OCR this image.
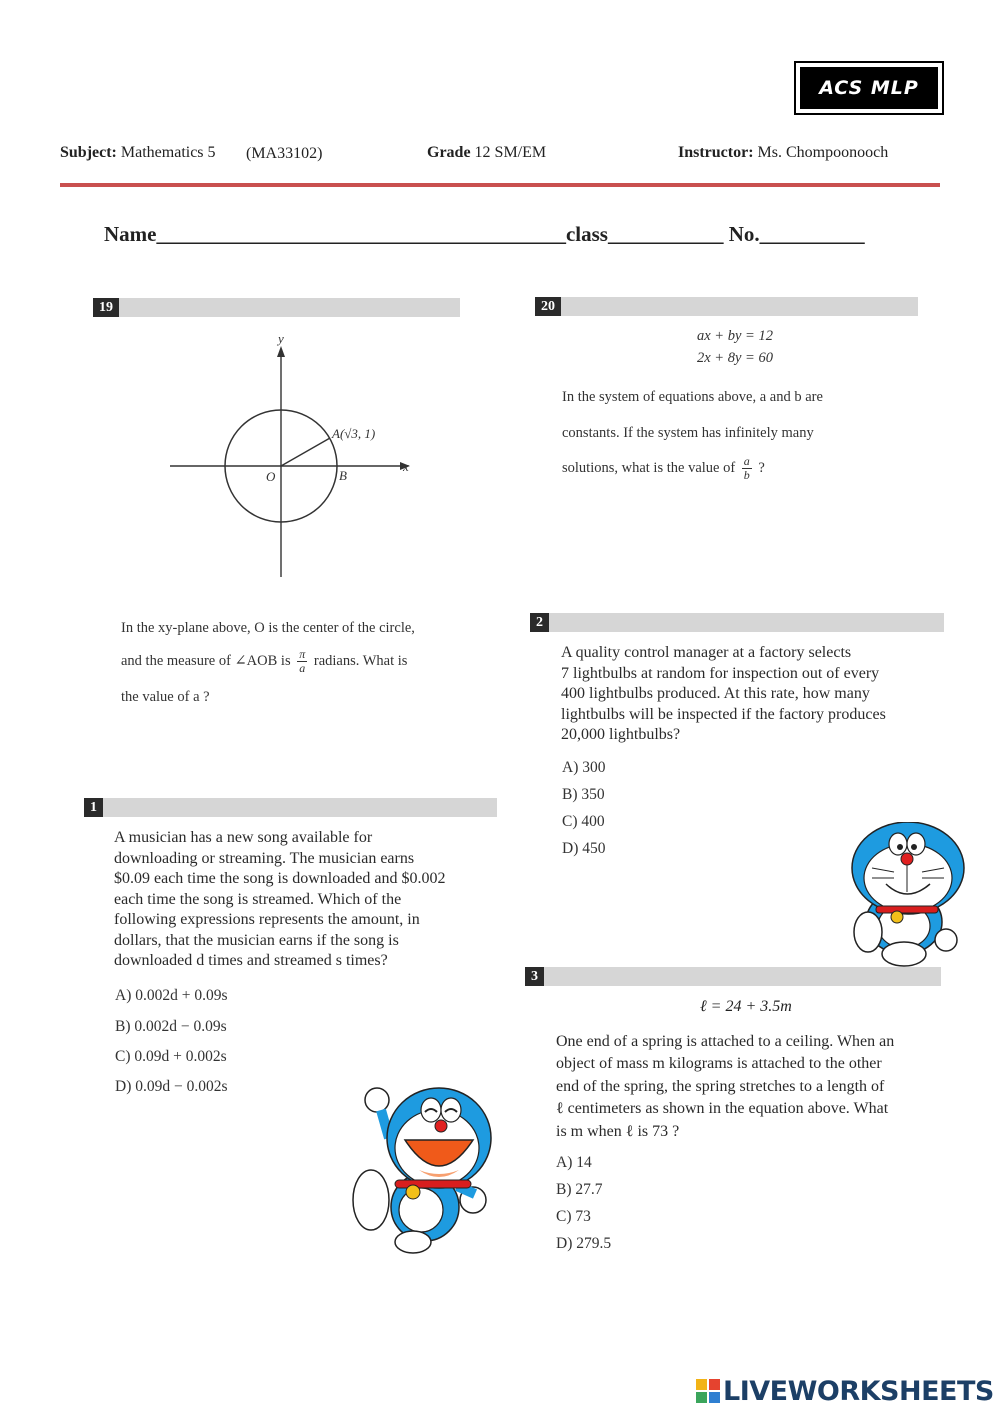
ACS MLP
Subject: Mathematics 5 (MA33102)	Grade 12 SM/EM	Instructor: Ms. Chompoonooch
Name_______________________________________class___________ No.__________
19
y
x
A(√3, 1)
O	B
In the xy-plane above, O is the center of the circle,
and the measure of ∠AOB is $\frac{\pi}{a}$ radians. What is
the value of a ?
20
ax + by = 12
2x + 8y = 60
In the system of equations above, a and b are
constants. If the system has infinitely many
solutions, what is the value of $\frac{a}{b}$ ?
2
A quality control manager at a factory selects
7 lightbulbs at random for inspection out of every
400 lightbulbs produced. At this rate, how many
lightbulbs will be inspected if the factory produces
20,000 lightbulbs?
A) 300
B) 350
C) 400
D) 450
1
A musician has a new song available for
downloading or streaming. The musician earns
$0.09 each time the song is downloaded and $0.002
each time the song is streamed. Which of the
following expressions represents the amount, in
dollars, that the musician earns if the song is
downloaded d times and streamed s times?
A) 0.002d + 0.09s
B) 0.002d − 0.09s
C) 0.09d + 0.002s
D) 0.09d − 0.002s
3
ℓ = 24 + 3.5m
One end of a spring is attached to a ceiling. When an
object of mass m kilograms is attached to the other
end of the spring, the spring stretches to a length of
ℓ centimeters as shown in the equation above. What
is m when ℓ is 73 ?
A) 14
B) 27.7
C) 73
D) 279.5
LIVEWORKSHEETS
